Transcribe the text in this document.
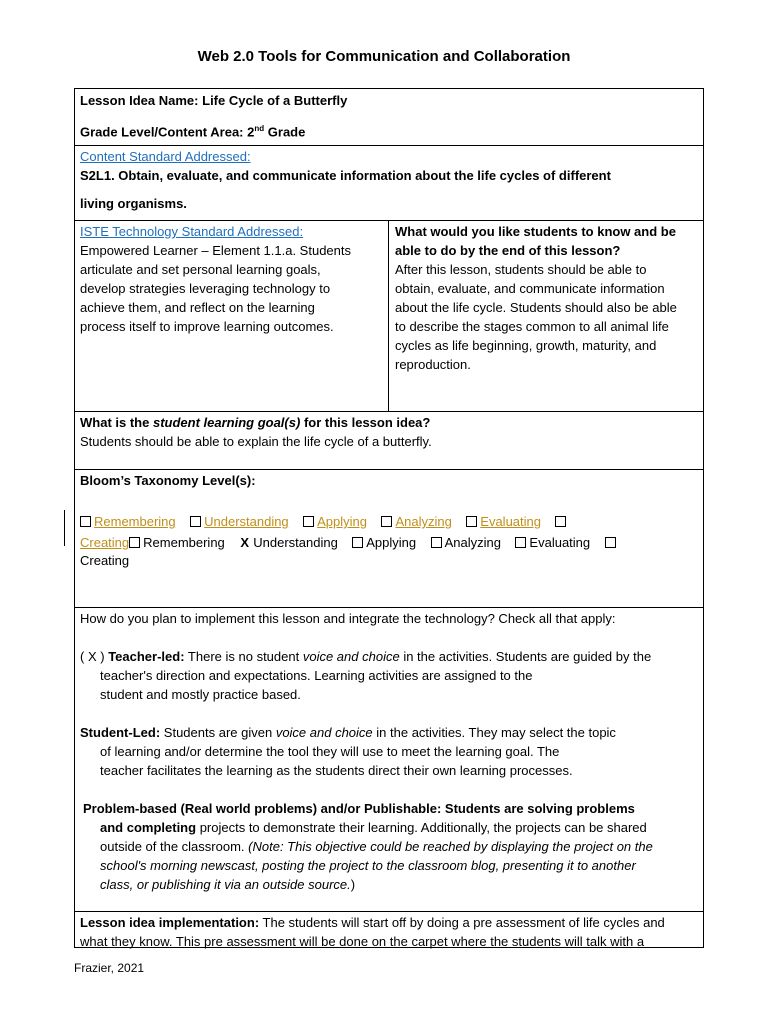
Web 2.0 Tools for Communication and Collaboration
Lesson Idea Name: Life Cycle of a Butterfly
Grade Level/Content Area: 2nd Grade
Content Standard Addressed:
S2L1. Obtain, evaluate, and communicate information about the life cycles of different
living organisms.
ISTE Technology Standard Addressed:
Empowered Learner – Element 1.1.a. Students
articulate and set personal learning goals,
develop strategies leveraging technology to
achieve them, and reflect on the learning
process itself to improve learning outcomes.
What would you like students to know and be
able to do by the end of this lesson?
After this lesson, students should be able to
obtain, evaluate, and communicate information
about the life cycle. Students should also be able
to describe the stages common to all animal life
cycles as life beginning, growth, maturity, and
reproduction.
What is the student learning goal(s) for this lesson idea?
Students should be able to explain the life cycle of a butterfly.
Bloom’s Taxonomy Level(s):
Remembering Understanding Applying Analyzing Evaluating
Creating Remembering X Understanding Applying Analyzing Evaluating
Creating
How do you plan to implement this lesson and integrate the technology? Check all that apply:
( X ) Teacher-led: There is no student voice and choice in the activities. Students are guided by the
teacher's direction and expectations. Learning activities are assigned to the
student and mostly practice based.
Student-Led: Students are given voice and choice in the activities. They may select the topic
of learning and/or determine the tool they will use to meet the learning goal. The
teacher facilitates the learning as the students direct their own learning processes.
Problem-based (Real world problems) and/or Publishable: Students are solving problems
and completing projects to demonstrate their learning. Additionally, the projects can be shared
outside of the classroom. (Note: This objective could be reached by displaying the project on the
school's morning newscast, posting the project to the classroom blog, presenting it to another
class, or publishing it via an outside source.)
Lesson idea implementation: The students will start off by doing a pre assessment of life cycles and
what they know. This pre assessment will be done on the carpet where the students will talk with a
Frazier, 2021
